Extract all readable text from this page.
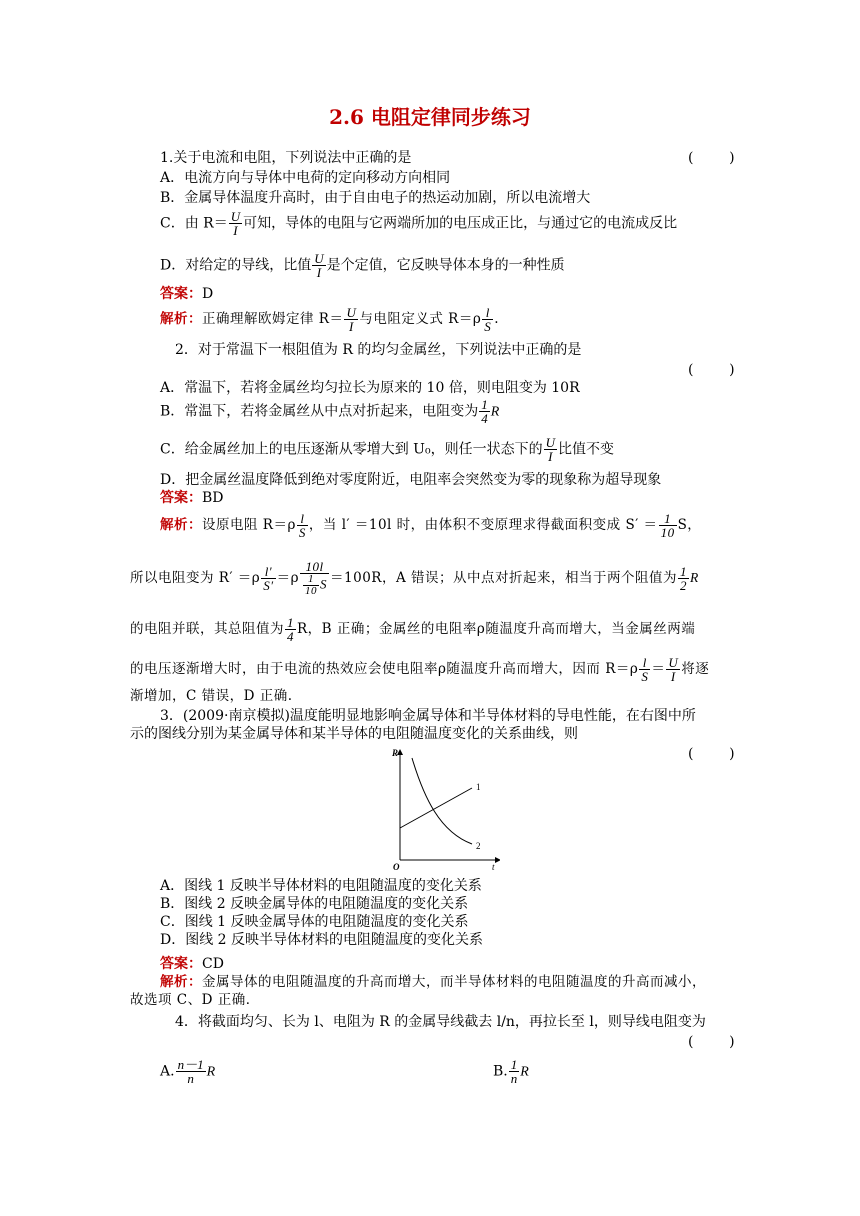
2.6 电阻定律同步练习
1.关于电流和电阻，下列说法中正确的是	(        )
A．电流方向与导体中电荷的定向移动方向相同
B．金属导体温度升高时，由于自由电子的热运动加剧，所以电流增大
C．由 $R= \frac{U}{I}$ 可知，导体的电阻与它两端所加的电压成正比，与通过它的电流成反比
D．对给定的导线，比值 $\frac{U}{I}$ 是个定值，它反映导体本身的一种性质
答案：D
解析：正确理解欧姆定律 $R= \frac{U}{I}$ 与电阻定义式 $R=\rho \frac{l}{S}$ .
2．对于常温下一根阻值为 R 的均匀金属丝，下列说法中正确的是
(        )
A．常温下，若将金属丝均匀拉长为原来的 10 倍，则电阻变为 10R
B．常温下，若将金属丝从中点对折起来，电阻变为 $\frac{1}{4}$ R
C．给金属丝加上的电压逐渐从零增大到 U₀，则任一状态下的 $\frac{U}{I}$ 比值不变
D．把金属丝温度降低到绝对零度附近，电阻率会突然变为零的现象称为超导现象
答案：BD
解析：设原电阻 $R=\rho \frac{l}{S}$ ，当 l′ ＝10l 时，由体积不变原理求得截面积变成 $S' = \frac{1}{10}$ S，
所以电阻变为 $R' =\rho \frac{l'}{S'} =\rho \frac{10l}{\frac{1}{10} S} =100R$，A 错误；从中点对折起来，相当于两个阻值为 $\frac{1}{2}$ R
的电阻并联，其总阻值为 $\frac{1}{4}$ R，B 正确；金属丝的电阻率ρ随温度升高而增大，当金属丝两端
的电压逐渐增大时，由于电流的热效应会使电阻率ρ随温度升高而增大，因而 $R=\rho \frac{l}{S} = \frac{U}{I}$ 将逐
渐增加，C 错误，D 正确.
3．(2009·南京模拟)温度能明显地影响金属导体和半导体材料的导电性能，在右图中所
示的图线分别为某金属导体和某半导体的电阻随温度变化的关系曲线，则
(        )
R
t
O
1
2
A．图线 1 反映半导体材料的电阻随温度的变化关系
B．图线 2 反映金属导体的电阻随温度的变化关系
C．图线 1 反映金属导体的电阻随温度的变化关系
D．图线 2 反映半导体材料的电阻随温度的变化关系
答案：CD
解析：金属导体的电阻随温度的升高而增大，而半导体材料的电阻随温度的升高而减小，
故选项 C、D 正确．
4．将截面均匀、长为 l、电阻为 R 的金属导线截去 l/n，再拉长至 l，则导线电阻变为
(        )
A. $\frac{n-1}{n}$ R	B. $\frac{1}{n}$ R
